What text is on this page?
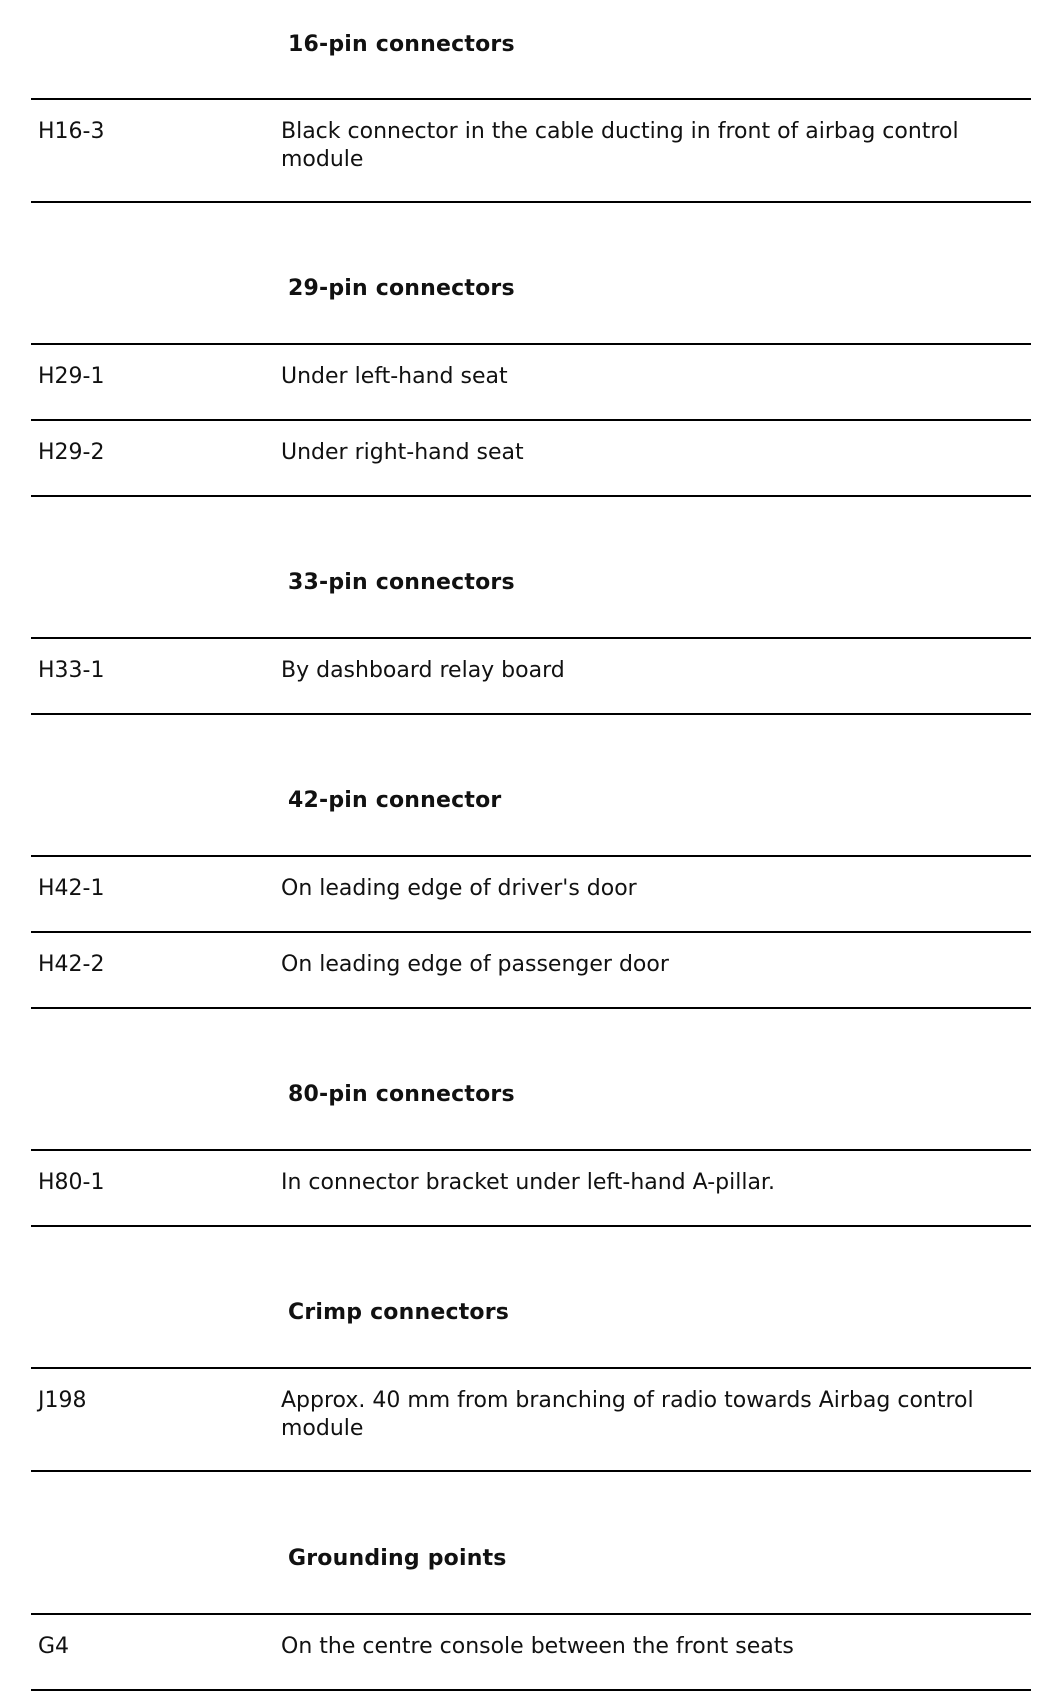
16-pin connectors
H16-3	Black connector in the cable ducting in front of airbag control module
29-pin connectors
H29-1	Under left-hand seat
H29-2	Under right-hand seat
33-pin connectors
H33-1	By dashboard relay board
42-pin connector
H42-1	On leading edge of driver's door
H42-2	On leading edge of passenger door
80-pin connectors
H80-1	In connector bracket under left-hand A-pillar.
Crimp connectors
J198	Approx. 40 mm from branching of radio towards Airbag control module
Grounding points
G4	On the centre console between the front seats
